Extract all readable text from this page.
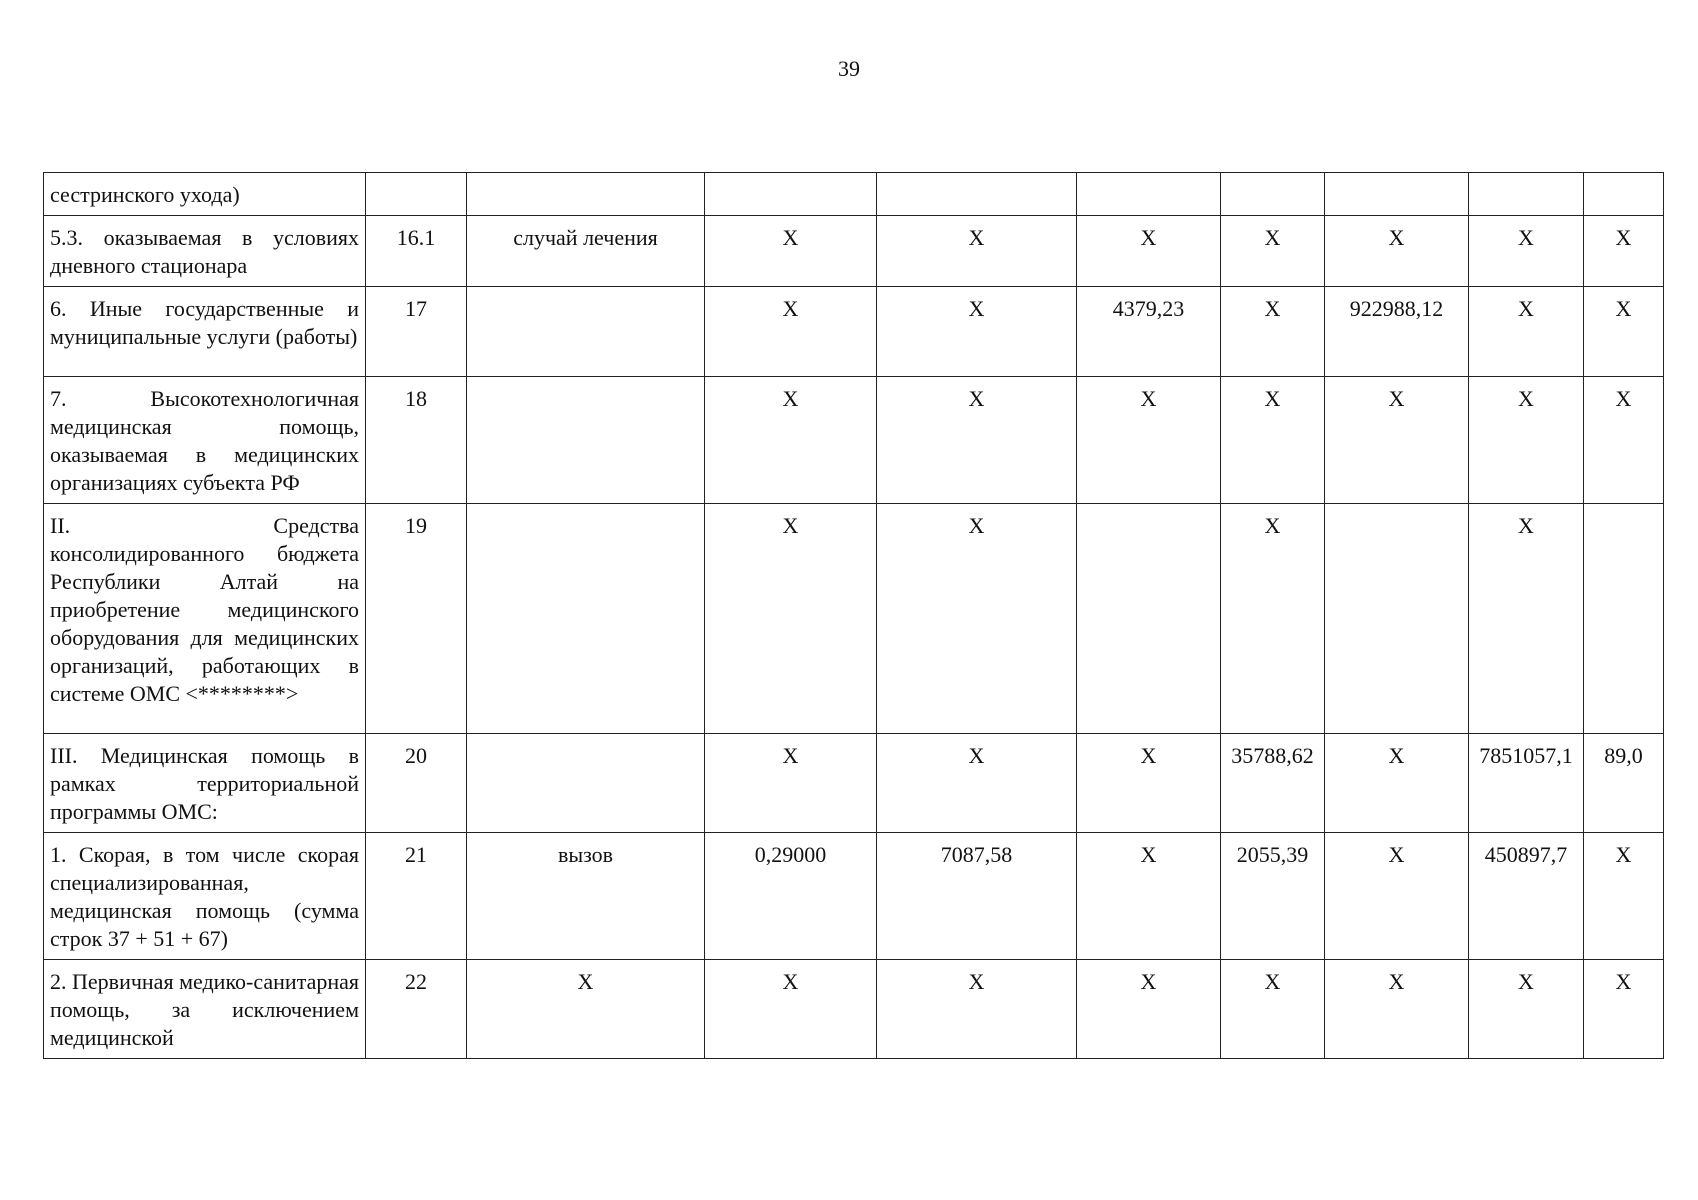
39
сестринского ухода)									
5.3. оказываемая в условиях дневного стационара	16.1	случай лечения	X	X	X	X	X	X	X
6. Иные государственные и муниципальные услуги (работы)	17		X	X	4379,23	X	922988,12	X	X
7. Высокотехнологичная медицинская помощь, оказываемая в медицинских организациях субъекта РФ	18		X	X	X	X	X	X	X
II. Средства консолидированного бюджета Республики Алтай на приобретение медицинского оборудования для медицинских организаций, работающих в системе ОМС <********>	19		X	X		X		X	
III. Медицинская помощь в рамках территориальной программы ОМС:	20		X	X	X	35788,62	X	7851057,1	89,0
1. Скорая, в том числе скорая специализированная, медицинская помощь (сумма строк 37 + 51 + 67)	21	вызов	0,29000	7087,58	X	2055,39	X	450897,7	X
2. Первичная медико-санитарная помощь, за исключением медицинской	22	X	X	X	X	X	X	X	X
